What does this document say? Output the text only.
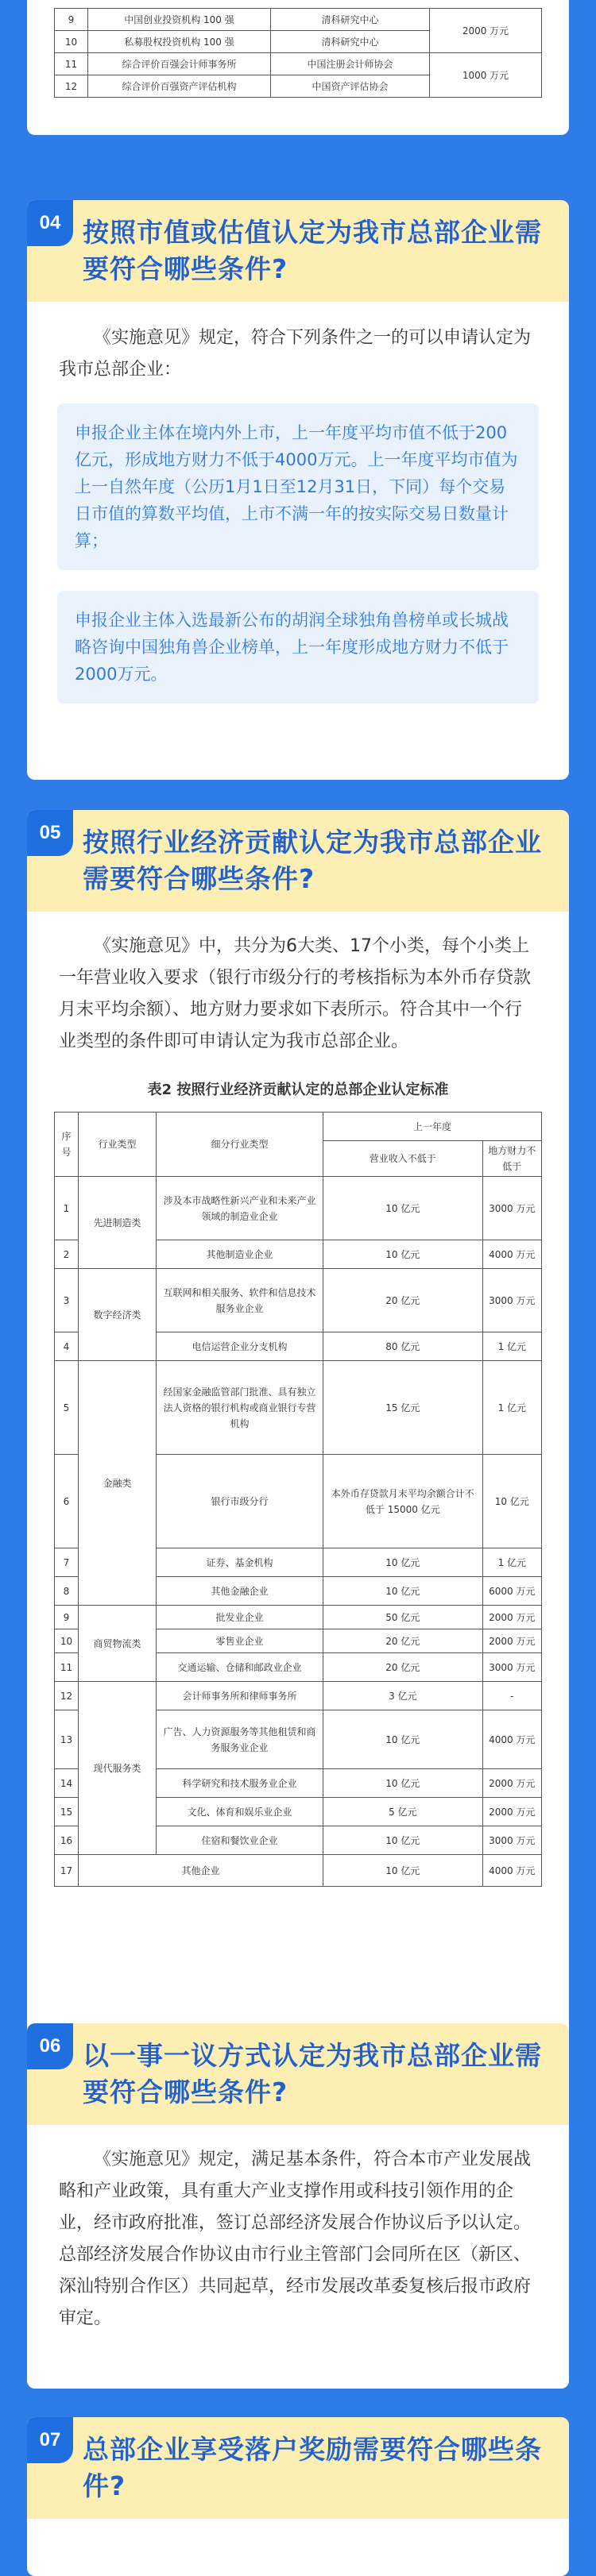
9	中国创业投资机构 100 强	清科研究中心	2000 万元
10	私募股权投资机构 100 强	清科研究中心	
11	综合评价百强会计师事务所	中国注册会计师协会	1000 万元
12	综合评价百强资产评估机构	中国资产评估协会	
04 按照市值或估值认定为我市总部企业需要符合哪些条件?

《实施意见》规定，符合下列条件之一的可以申请认定为我市总部企业：

申报企业主体在境内外上市，上一年度平均市值不低于200亿元，形成地方财力不低于4000万元。上一年度平均市值为上一自然年度（公历1月1日至12月31日，下同）每个交易日市值的算数平均值，上市不满一年的按实际交易日数量计算；
申报企业主体入选最新公布的胡润全球独角兽榜单或长城战略咨询中国独角兽企业榜单，上一年度形成地方财力不低于2000万元。
05 按照行业经济贡献认定为我市总部企业需要符合哪些条件?

《实施意见》中，共分为6大类、17个小类，每个小类上一年营业收入要求（银行市级分行的考核指标为本外币存贷款月末平均余额）、地方财力要求如下表所示。符合其中一个行业类型的条件即可申请认定为我市总部企业。

表2 按照行业经济贡献认定的总部企业认定标准

序号	行业类型	细分行业类型	上一年度	
			营业收入不低于	地方财力不低于
1	先进制造类	涉及本市战略性新兴产业和未来产业领域的制造业企业	10 亿元	3000 万元
2		其他制造业企业	10 亿元	4000 万元
3	数字经济类	互联网和相关服务、软件和信息技术服务业企业	20 亿元	3000 万元
4		电信运营企业分支机构	80 亿元	1 亿元
5	金融类	经国家金融监管部门批准、具有独立法人资格的银行机构或商业银行专营机构	15 亿元	1 亿元
6		银行市级分行	本外币存贷款月末平均余额合计不低于 15000 亿元	10 亿元
7		证券、基金机构	10 亿元	1 亿元
8		其他金融企业	10 亿元	6000 万元
9	商贸物流类	批发业企业	50 亿元	2000 万元
10		零售业企业	20 亿元	2000 万元
11		交通运输、仓储和邮政业企业	20 亿元	3000 万元
12	现代服务类	会计师事务所和律师事务所	3 亿元	-
13		广告、人力资源服务等其他租赁和商务服务业企业	10 亿元	4000 万元
14		科学研究和技术服务业企业	10 亿元	2000 万元
15		文化、体育和娱乐业企业	5 亿元	2000 万元
16		住宿和餐饮业企业	10 亿元	3000 万元
17	其他企业		10 亿元	4000 万元
06 以一事一议方式认定为我市总部企业需要符合哪些条件?

《实施意见》规定，满足基本条件，符合本市产业发展战略和产业政策，具有重大产业支撑作用或科技引领作用的企业，经市政府批准，签订总部经济发展合作协议后予以认定。总部经济发展合作协议由市行业主管部门会同所在区（新区、深汕特别合作区）共同起草，经市发展改革委复核后报市政府审定。

07 总部企业享受落户奖励需要符合哪些条件?
